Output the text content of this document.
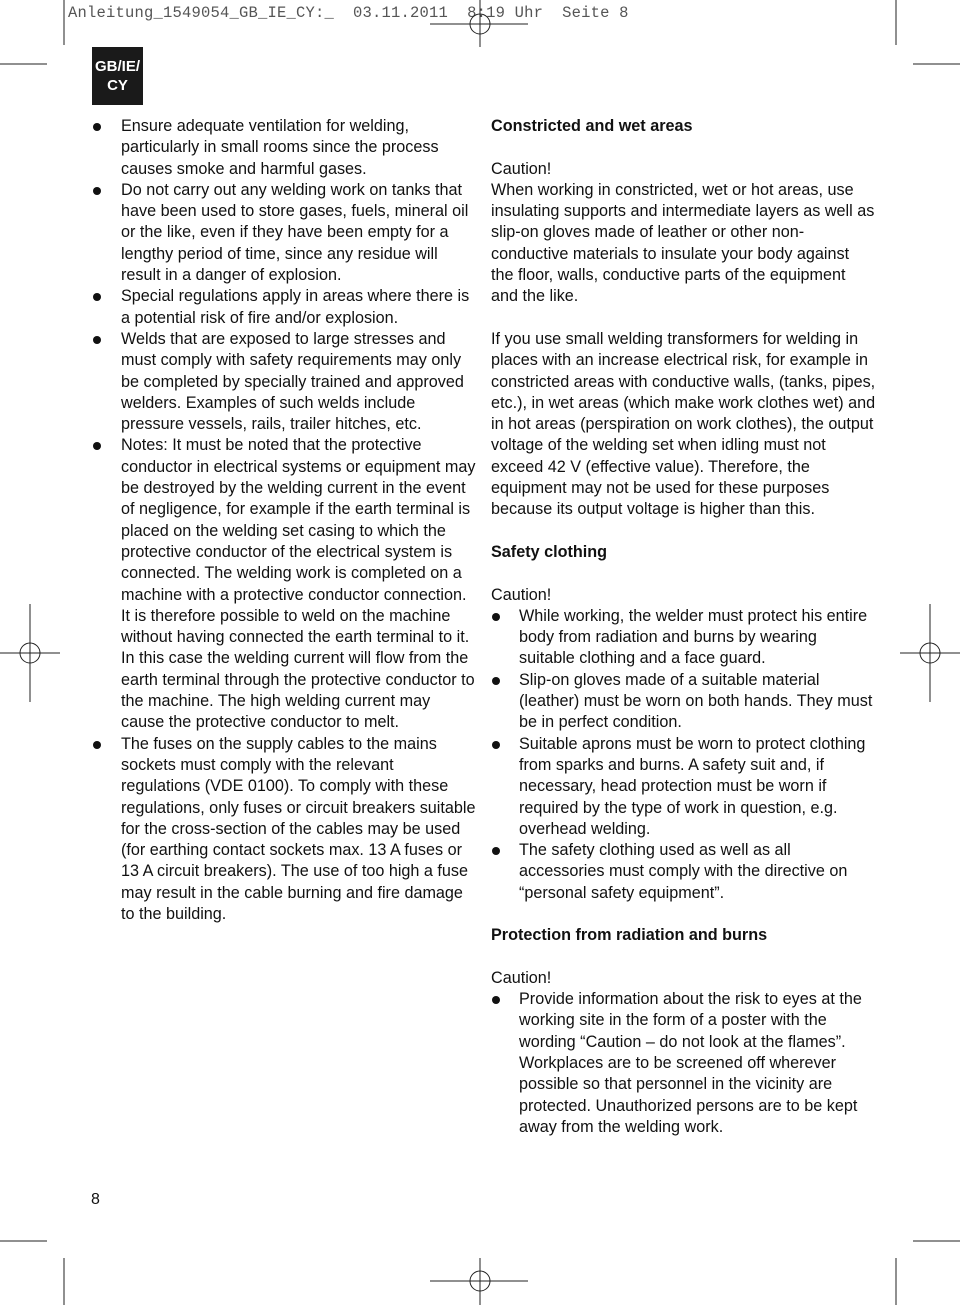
Anleitung_1549054_GB_IE_CY:_  03.11.2011  8:19 Uhr  Seite 8

GB/IE/
CY
Ensure adequate ventilation for welding, particularly in small rooms since the process causes smoke and harmful gases.
Do not carry out any welding work on tanks that have been used to store gases, fuels, mineral oil or the like, even if they have been empty for a lengthy period of time, since any residue will result in a danger of explosion.
Special regulations apply in areas where there is a potential risk of fire and/or explosion.
Welds that are exposed to large stresses and must comply with safety requirements may only be completed by specially trained and approved welders. Examples of such welds include pressure vessels, rails, trailer hitches, etc.
Notes: It must be noted that the protective conductor in electrical systems or equipment may be destroyed by the welding current in the event of negligence, for example if the earth terminal is placed on the welding set casing to which the protective conductor of the electrical system is connected. The welding work is completed on a machine with a protective conductor connection. It is therefore possible to weld on the machine without having connected the earth terminal to it. In this case the welding current will flow from the earth terminal through the protective conductor to the machine. The high welding current may cause the protective conductor to melt.
The fuses on the supply cables to the mains sockets must comply with the relevant regulations (VDE 0100). To comply with these regulations, only fuses or circuit breakers suitable for the cross-section of the cables may be used (for earthing contact sockets max. 13 A fuses or 13 A circuit breakers). The use of too high a fuse may result in the cable burning and fire damage to the building.

Constricted and wet areas

Caution!

When working in constricted, wet or hot areas, use insulating supports and intermediate layers as well as slip-on gloves made of leather or other non-conductive materials to insulate your body against the floor, walls, conductive parts of the equipment and the like.

If you use small welding transformers for welding in places with an increase electrical risk, for example in constricted areas with conductive walls, (tanks, pipes, etc.), in wet areas (which make work clothes wet) and in hot areas (perspiration on work clothes), the output voltage of the welding set when idling must not exceed 42 V (effective value). Therefore, the equipment may not be used for these purposes because its output voltage is higher than this.

Safety clothing

Caution!

While working, the welder must protect his entire body from radiation and burns by wearing suitable clothing and a face guard.
Slip-on gloves made of a suitable material (leather) must be worn on both hands. They must be in perfect condition.
Suitable aprons must be worn to protect clothing from sparks and burns. A safety suit and, if necessary, head protection must be worn if required by the type of work in question, e.g. overhead welding.
The safety clothing used as well as all accessories must comply with the directive on “personal safety equipment”.

Protection from radiation and burns

Caution!

Provide information about the risk to eyes at the working site in the form of a poster with the wording “Caution – do not look at the flames”. Workplaces are to be screened off wherever possible so that personnel in the vicinity are protected. Unauthorized persons are to be kept away from the welding work.
8
